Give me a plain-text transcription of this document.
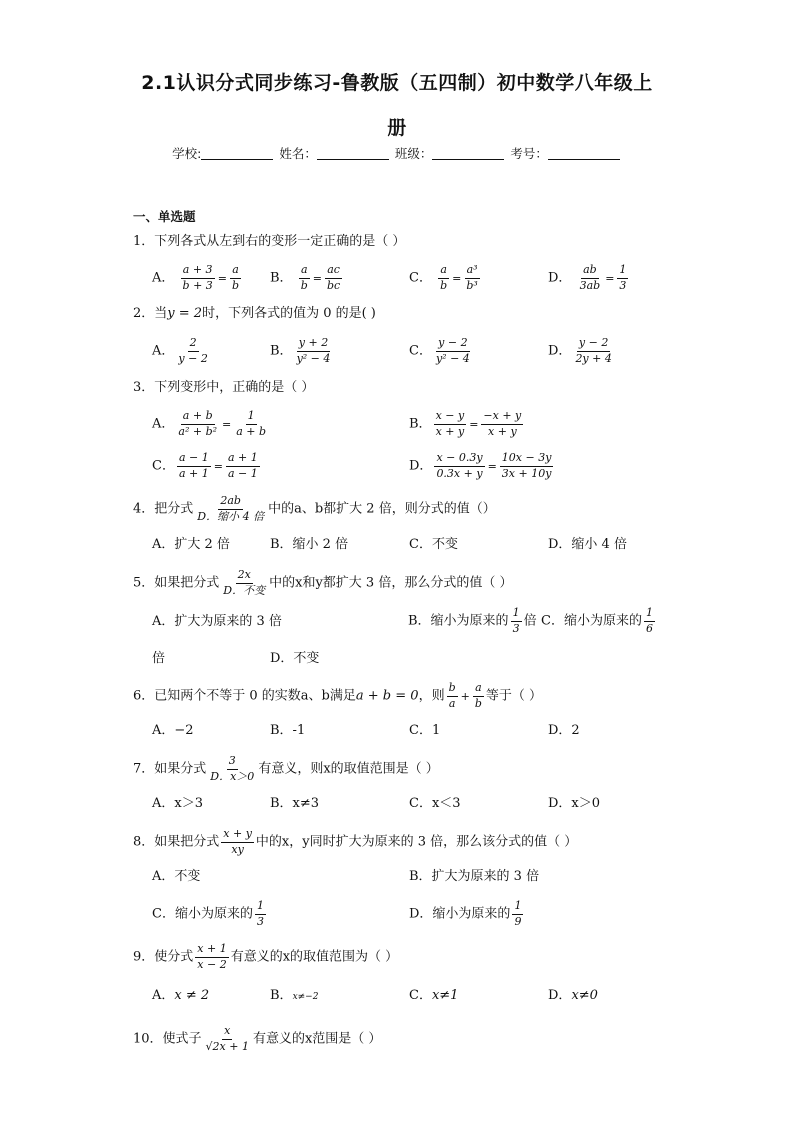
2.1认识分式同步练习-鲁教版（五四制）初中数学八年级上
册
学校:	姓名：	班级：	考号：
一、单选题
1．下列各式从左到右的变形一定正确的是（ ）
A． $\frac{a + 3}{b + 3} = \frac{a}{b}$ B． $\frac{a}{b} = \frac{ac}{bc}$	C． $\frac{a}{b} = \frac{\text{a³}}{\text{b³}}$	D． $\frac{ab}{3ab} = \frac{1}{3}$
2．当y = 2时，下列各式的值为 0 的是( )
A． $\frac{2}{y - 2}$	B． $\frac{y + 2}{\text{y² − 4}}$	C． $\frac{y - 2}{\text{y² − 4}}$	D． $\frac{y - 2}{2y + 4}$
3．下列变形中，正确的是（ ）
A． $\frac{a + b}{\text{a² + b²}} = \frac{1}{a + b}$	B． $\frac{x - y}{x + y} = \frac{-x + y}{x + y}$
C． $\frac{a - 1}{a + 1} = \frac{a + 1}{a - 1}$	D． $\frac{x - 0.3y}{0.3x + y} = \frac{10x - 3y}{3x + 10y}$
4．把分式 $\frac{2ab}{\text{D．缩小 4 倍}}$ 中的a、b都扩大 2 倍，则分式的值（）
A．扩大 2 倍	B．缩小 2 倍	C．不变	D．缩小 4 倍
5．如果把分式 $\frac{2x}{\text{D．不变}}$ 中的x和y都扩大 3 倍，那么分式的值（ ）
A．扩大为原来的 3 倍	B．缩小为原来的 $\frac{1}{3}$ 倍 C．缩小为原来的 $\frac{1}{6}$
倍	D．不变
6．已知两个不等于 0 的实数a、b满足a + b = 0，则 $\frac{b}{a} + \frac{a}{b}$ 等于（ ）
A．−2	B．-1	C．1	D．2
7．如果分式 $\frac{3}{D.x>0}$ 有意义，则x的取值范围是（ ）
A．x＞3	B．x≠3	C．x＜3	D．x＞0
8．如果把分式 $\frac{x + y}{xy}$ 中的x，y同时扩大为原来的 3 倍，那么该分式的值（ ）
A．不变	B．扩大为原来的 3 倍
C．缩小为原来的 $\frac{1}{3}$	D．缩小为原来的 $\frac{1}{9}$
9．使分式 $\frac{x + 1}{x - 2}$ 有意义的x的取值范围为（ ）
A．x ≠ 2	B．x≠−2	C．x≠1	D．x≠0
10．使式子 $\frac{x}{√2x + 1}$ 有意义的x范围是（ ）
